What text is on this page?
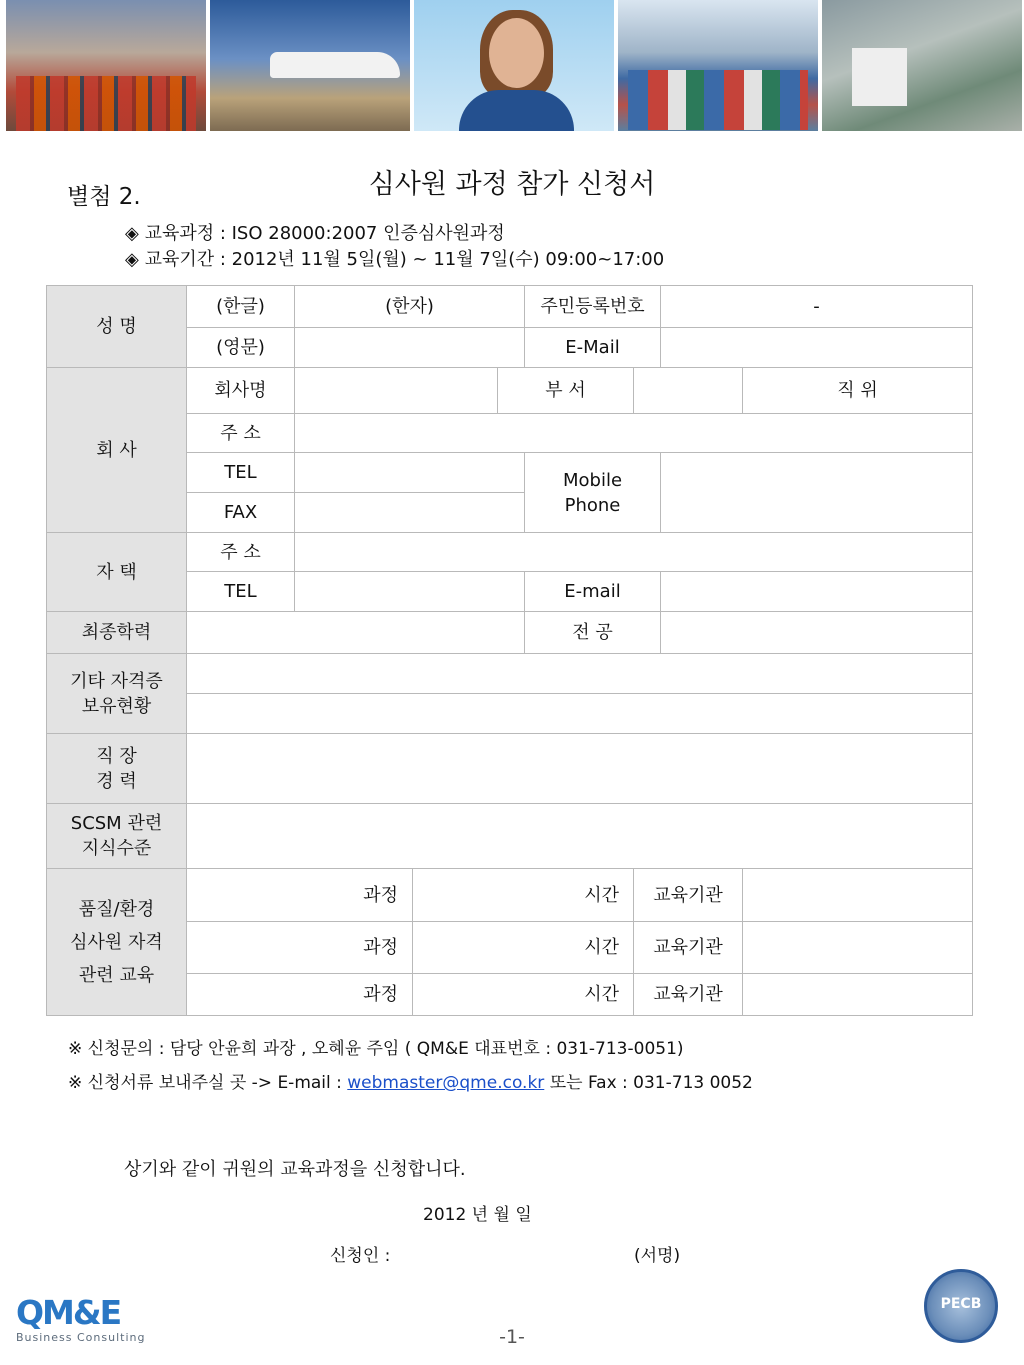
별첨 2.	심사원 과정 참가 신청서
◈ 교육과정 : ISO 28000:2007 인증심사원과정
◈ 교육기간 : 2012년 11월 5일(월) ~ 11월 7일(수) 09:00~17:00
성 명	(한글)	(한자)			주민등록번호		-		
	(영문)				E-Mail				
회 사	회사명			부 서				직 위	
	주 소								
	TEL				Mobile
Phone				
	FAX								
자 택	주 소								
	TEL				E-mail				
최종학력					전 공				
기타 자격증
보유현황									

직 장
경 력									
SCSM 관련
지식수준									
품질/환경
심사원 자격
관련 교육	과정		시간			교육기관			
	과정		시간			교육기관			
	과정		시간			교육기관			
※ 신청문의 : 담당 안윤희 과장 , 오혜윤 주임 ( QM&E 대표번호 : 031-713-0051)
※ 신청서류 보내주실 곳 -> E-mail : webmaster@qme.co.kr 또는 Fax : 031-713 0052
상기와 같이 귀원의 교육과정을 신청합니다.
2012 년 월 일
신청인 :	(서명)
QM&E
Business Consulting	-1-
PECB
